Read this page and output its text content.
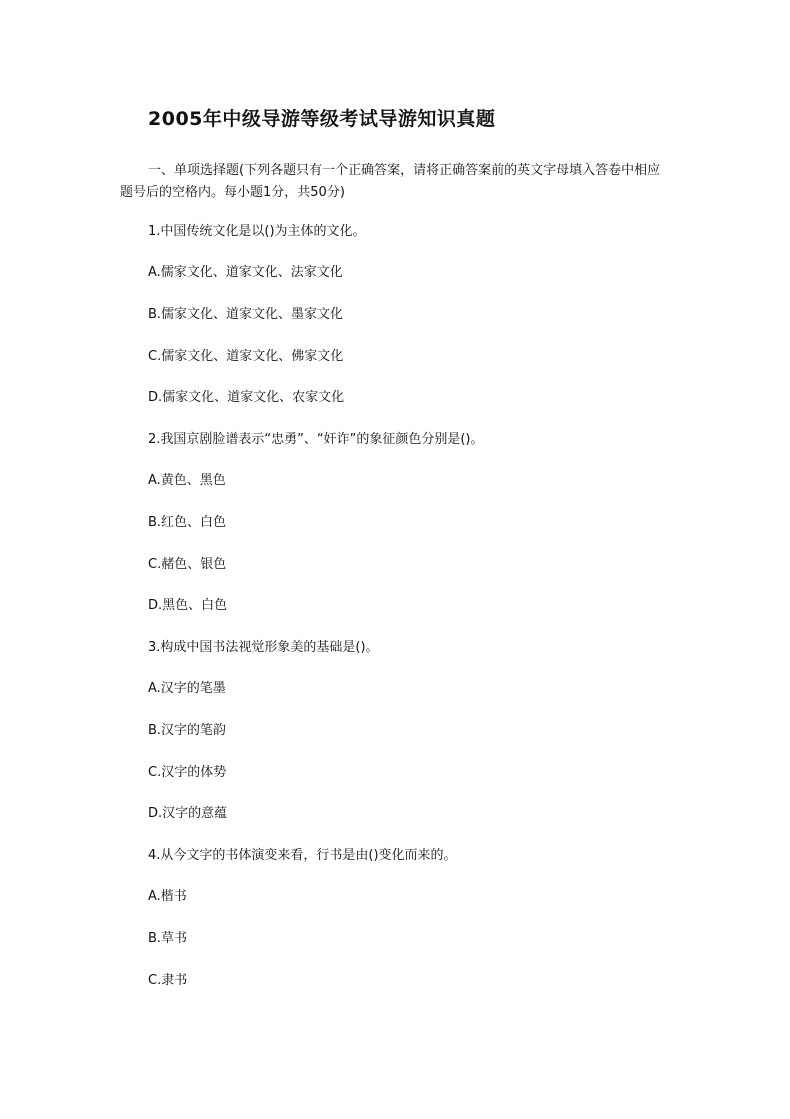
2005年中级导游等级考试导游知识真题
一、单项选择题(下列各题只有一个正确答案，请将正确答案前的英文字母填入答卷中相应题号后的空格内。每小题1分，共50分)
1.中国传统文化是以()为主体的文化。
A.儒家文化、道家文化、法家文化
B.儒家文化、道家文化、墨家文化
C.儒家文化、道家文化、佛家文化
D.儒家文化、道家文化、农家文化
2.我国京剧脸谱表示“忠勇”、“奸诈”的象征颜色分别是()。
A.黄色、黑色
B.红色、白色
C.赭色、银色
D.黑色、白色
3.构成中国书法视觉形象美的基础是()。
A.汉字的笔墨
B.汉字的笔韵
C.汉字的体势
D.汉字的意蕴
4.从今文字的书体演变来看，行书是由()变化而来的。
A.楷书
B.草书
C.隶书
